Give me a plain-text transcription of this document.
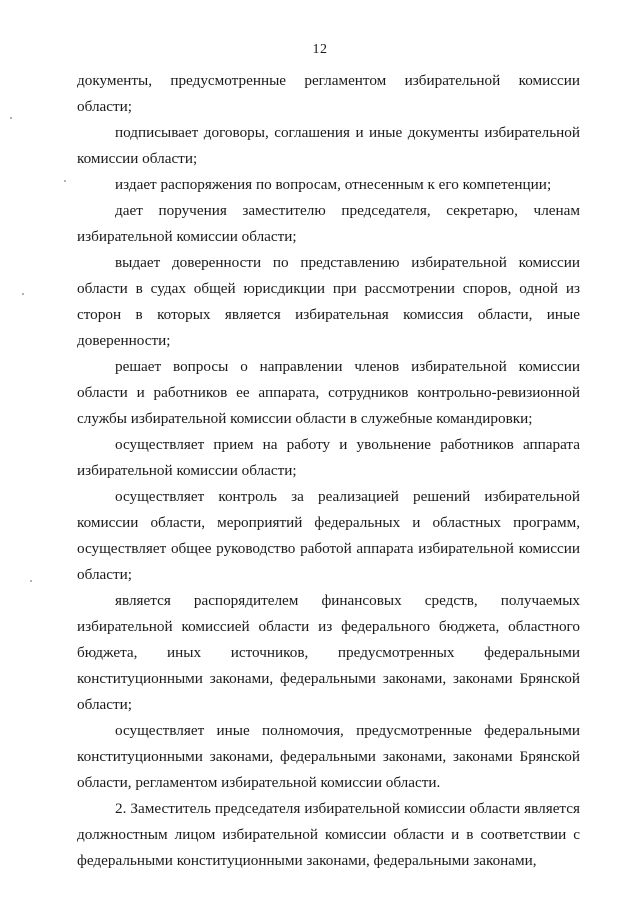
12

документы, предусмотренные регламентом избирательной комиссии области;

подписывает договоры, соглашения и иные документы избирательной комиссии области;

издает распоряжения по вопросам, отнесенным к его компетенции;

дает поручения заместителю председателя, секретарю, членам избирательной комиссии области;

выдает доверенности по представлению избирательной комиссии области в судах общей юрисдикции при рассмотрении споров, одной из сторон в которых является избирательная комиссия области, иные доверенности;

решает вопросы о направлении членов избирательной комиссии области и работников ее аппарата, сотрудников контрольно-ревизионной службы избирательной комиссии области в служебные командировки;

осуществляет прием на работу и увольнение работников аппарата избирательной комиссии области;

осуществляет контроль за реализацией решений избирательной комиссии области, мероприятий федеральных и областных программ, осуществляет общее руководство работой аппарата избирательной комиссии области;

является распорядителем финансовых средств, получаемых избирательной комиссией области из федерального бюджета, областного бюджета, иных источников, предусмотренных федеральными конституционными законами, федеральными законами, законами Брянской области;

осуществляет иные полномочия, предусмотренные федеральными конституционными законами, федеральными законами, законами Брянской области, регламентом избирательной комиссии области.

2. Заместитель председателя избирательной комиссии области является должностным лицом избирательной комиссии области и в соответствии с федеральными конституционными законами, федеральными законами,
